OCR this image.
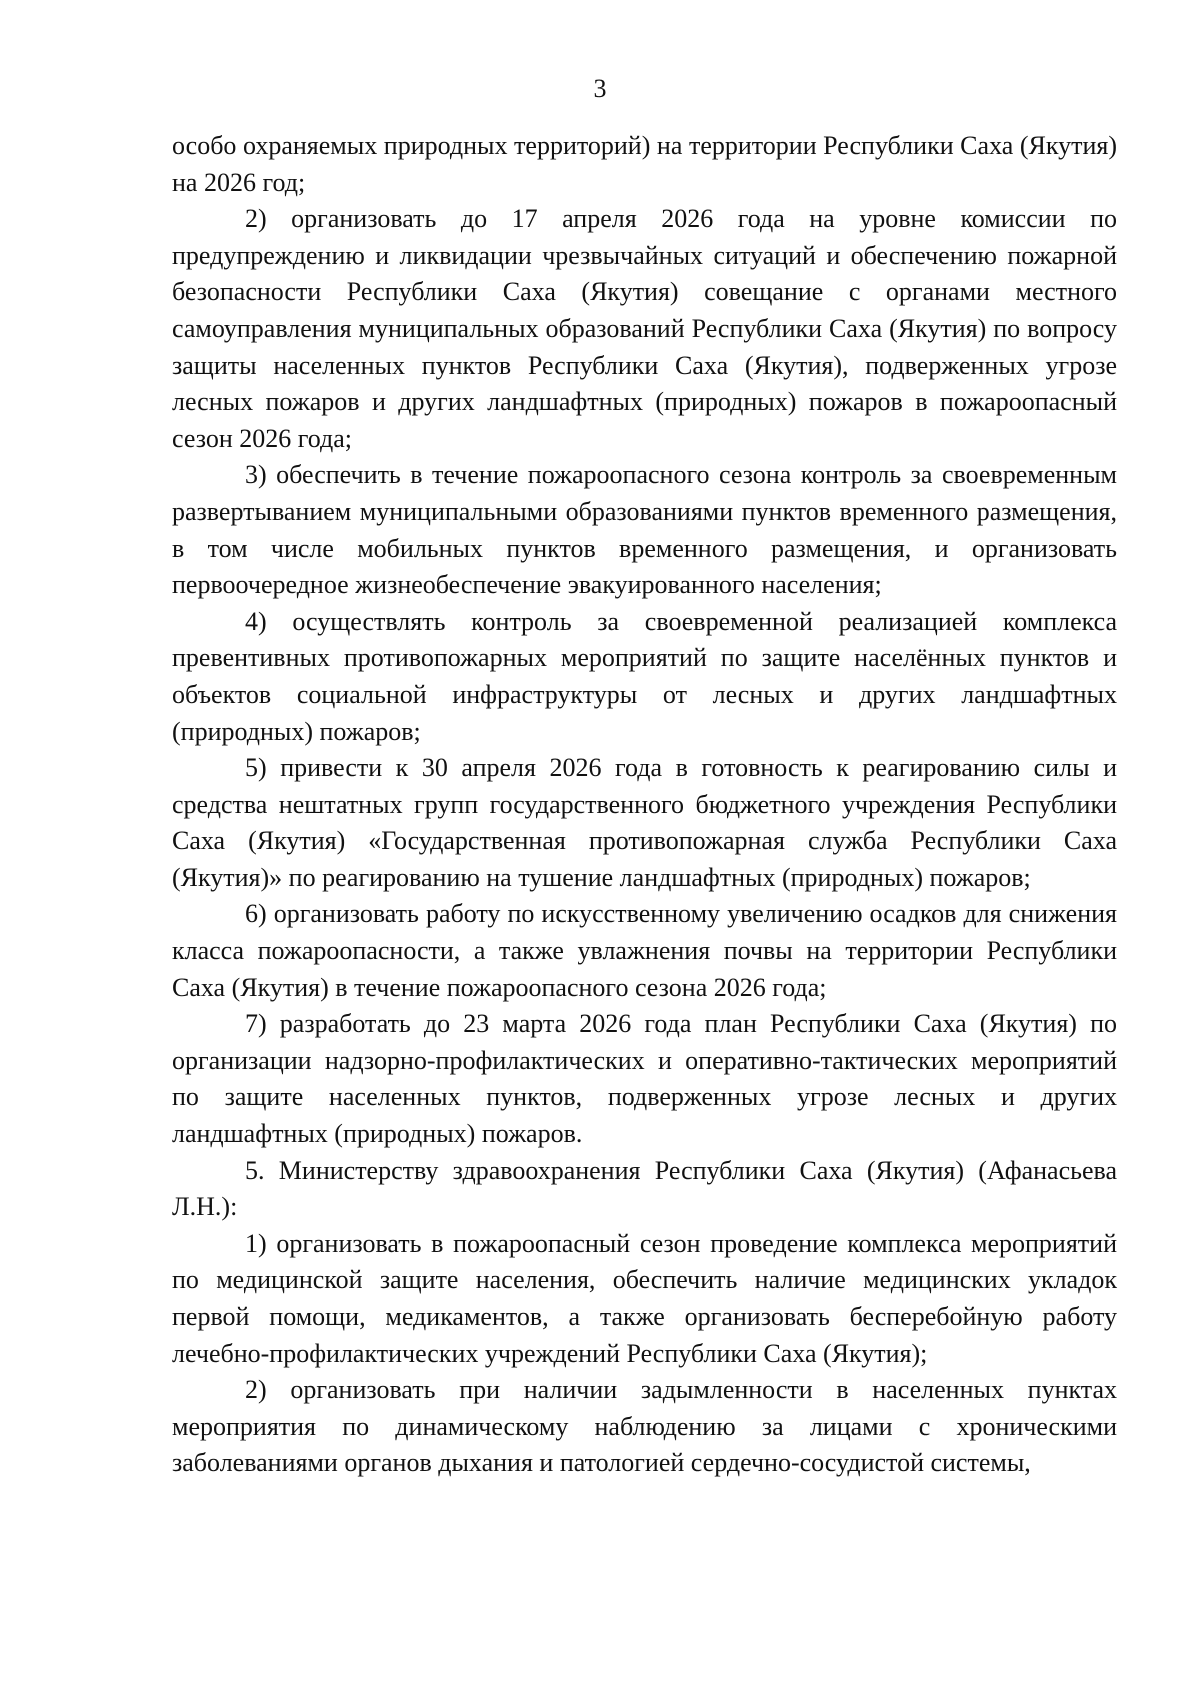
3

особо охраняемых природных территорий) на территории Республики Саха (Якутия) на 2026 год;

2) организовать до 17 апреля 2026 года на уровне комиссии по предупреждению и ликвидации чрезвычайных ситуаций и обеспечению пожарной безопасности Республики Саха (Якутия) совещание с органами местного самоуправления муниципальных образований Республики Саха (Якутия) по вопросу защиты населенных пунктов Республики Саха (Якутия), подверженных угрозе лесных пожаров и других ландшафтных (природных) пожаров в пожароопасный сезон 2026 года;

3) обеспечить в течение пожароопасного сезона контроль за своевременным развертыванием муниципальными образованиями пунктов временного размещения, в том числе мобильных пунктов временного размещения, и организовать первоочередное жизнеобеспечение эвакуированного населения;

4) осуществлять контроль за своевременной реализацией комплекса превентивных противопожарных мероприятий по защите населённых пунктов и объектов социальной инфраструктуры от лесных и других ландшафтных (природных) пожаров;

5) привести к 30 апреля 2026 года в готовность к реагированию силы и средства нештатных групп государственного бюджетного учреждения Республики Саха (Якутия) «Государственная противопожарная служба Республики Саха (Якутия)» по реагированию на тушение ландшафтных (природных) пожаров;

6) организовать работу по искусственному увеличению осадков для снижения класса пожароопасности, а также увлажнения почвы на территории Республики Саха (Якутия) в течение пожароопасного сезона 2026 года;

7) разработать до 23 марта 2026 года план Республики Саха (Якутия) по организации надзорно-профилактических и оперативно-тактических мероприятий по защите населенных пунктов, подверженных угрозе лесных и других ландшафтных (природных) пожаров.

5. Министерству здравоохранения Республики Саха (Якутия) (Афанасьева Л.Н.):

1) организовать в пожароопасный сезон проведение комплекса мероприятий по медицинской защите населения, обеспечить наличие медицинских укладок первой помощи, медикаментов, а также организовать бесперебойную работу лечебно-профилактических учреждений Республики Саха (Якутия);

2) организовать при наличии задымленности в населенных пунктах мероприятия по динамическому наблюдению за лицами с хроническими заболеваниями органов дыхания и патологией сердечно-сосудистой системы,
